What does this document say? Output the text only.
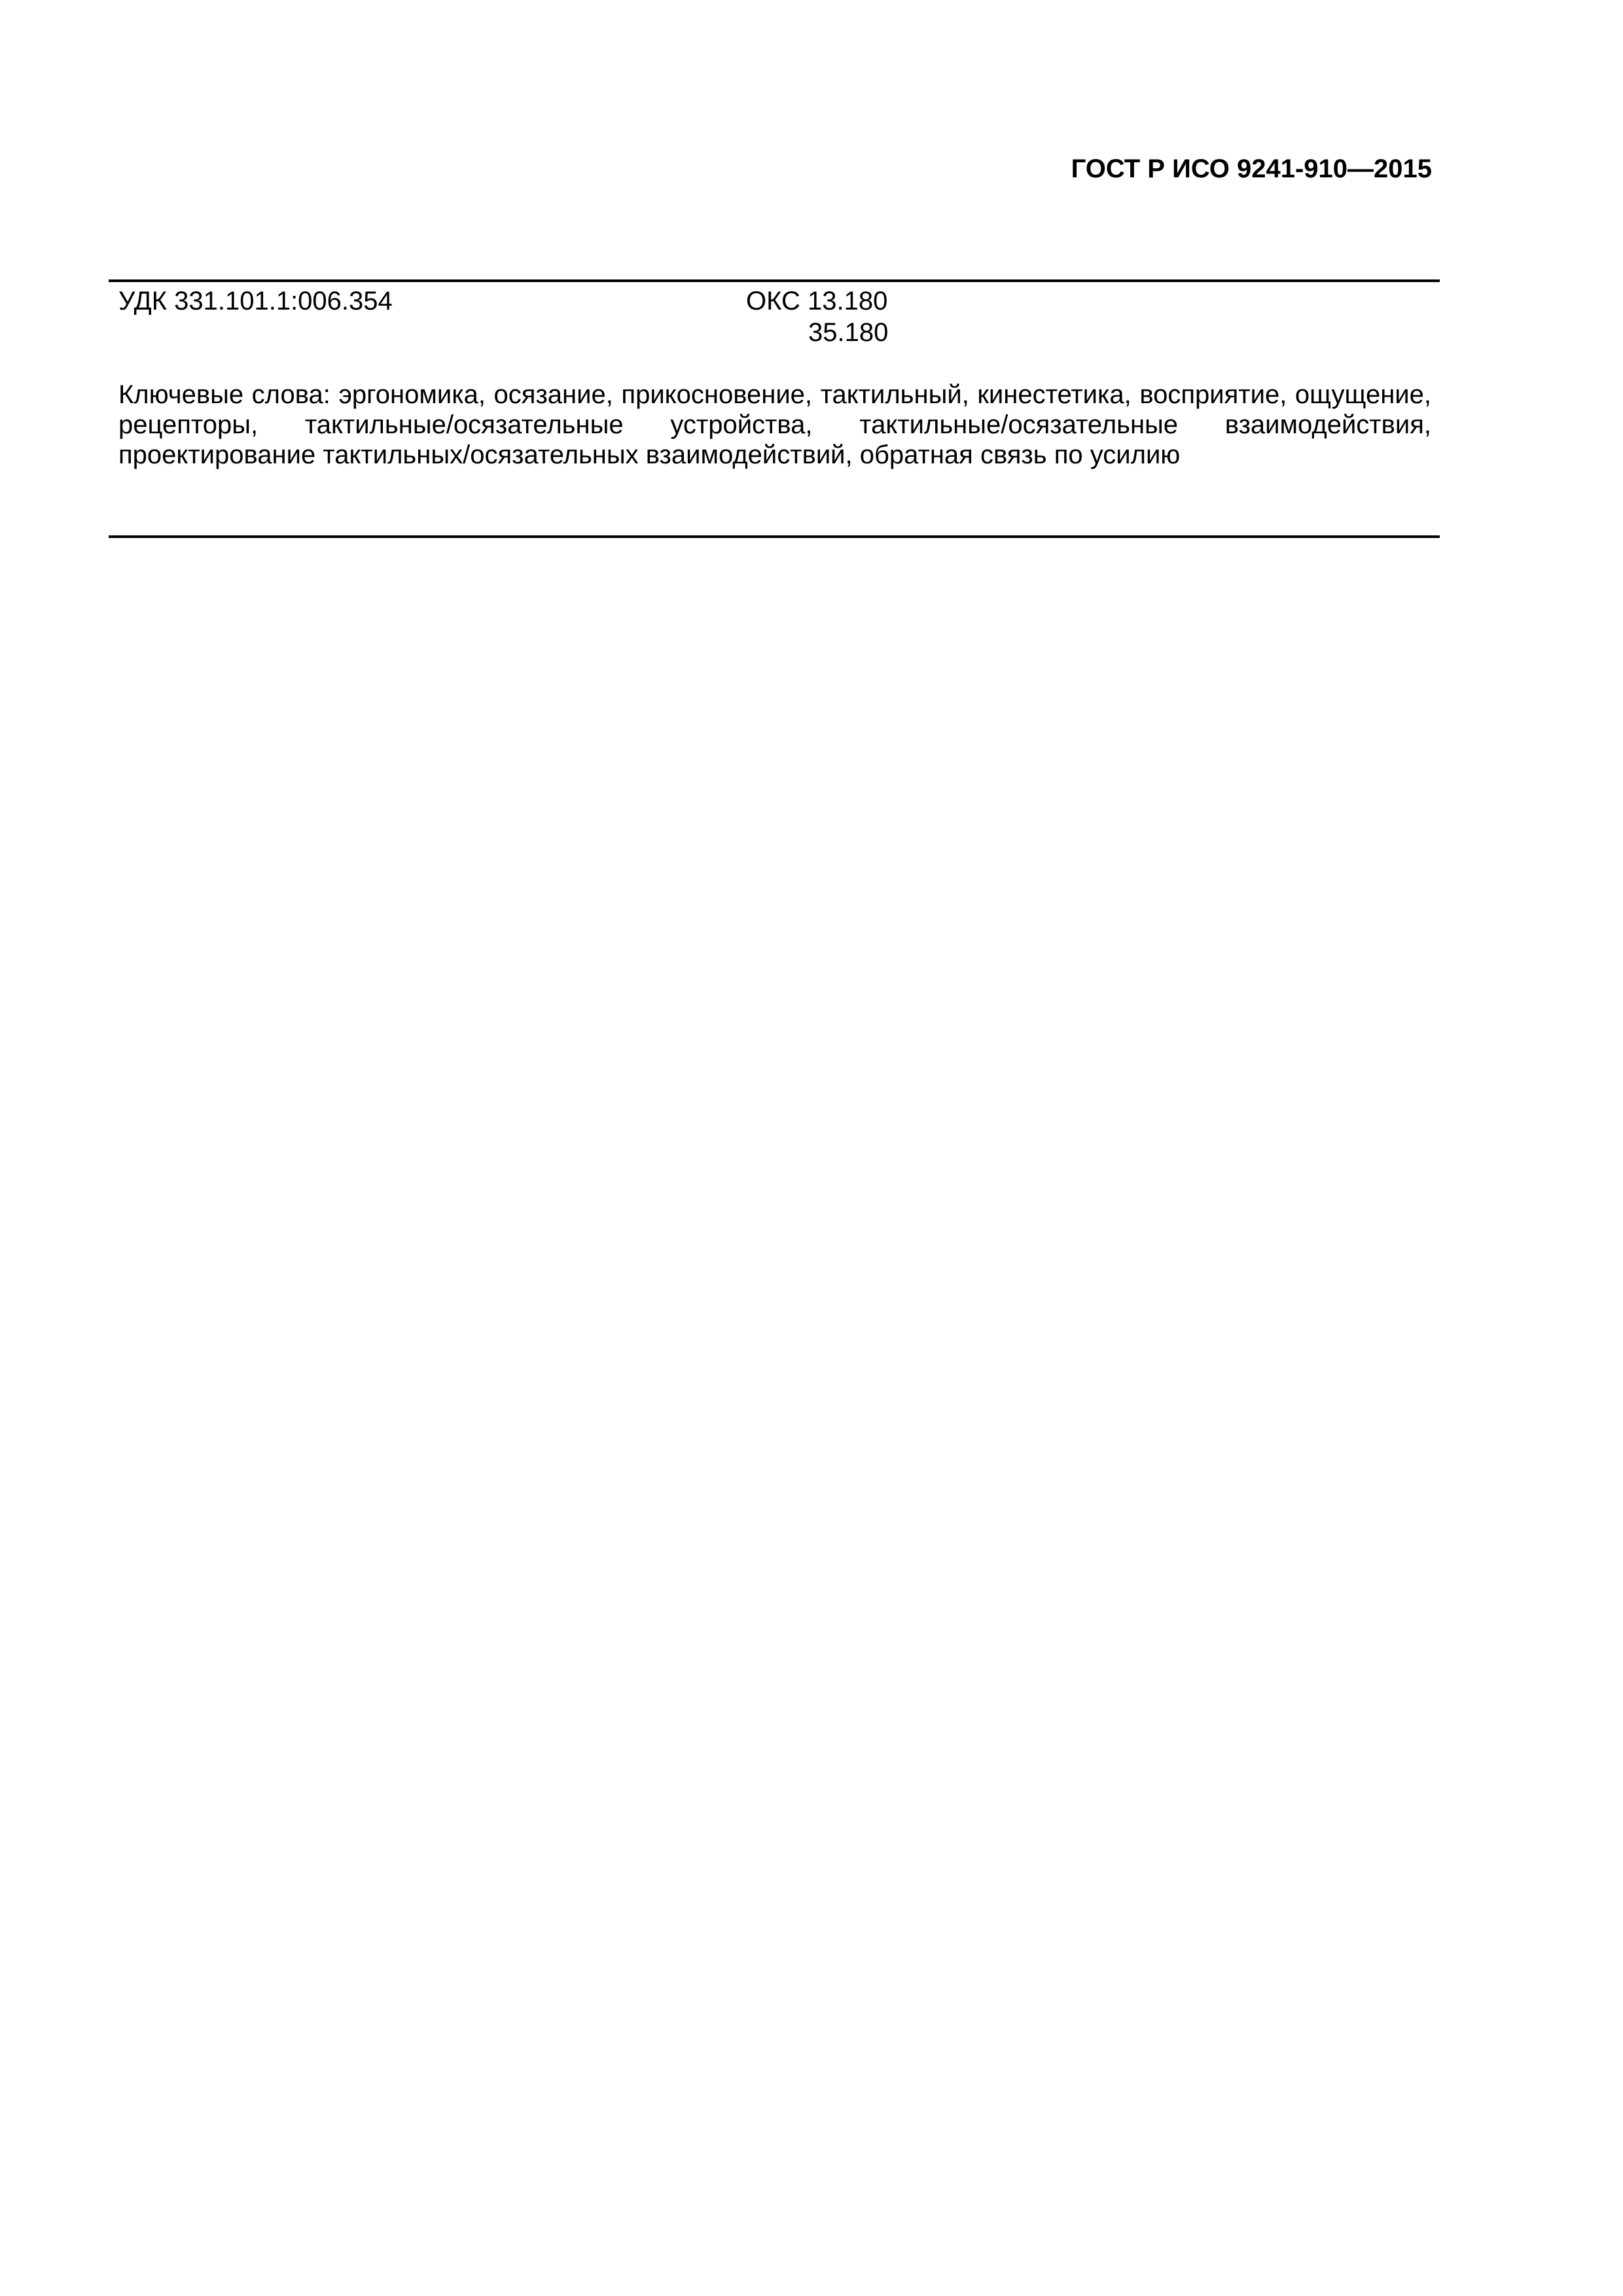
ГОСТ Р ИСО 9241-910—2015
УДК 331.101.1:006.354	ОКС 13.180
35.180
Ключевые слова: эргономика, осязание, прикосновение, тактильный, кинестетика, восприятие, ощущение, рецепторы, тактильные/осязательные устройства, тактильные/осязательные взаимодействия, проектирование тактильных/осязательных взаимодействий, обратная связь по усилию
